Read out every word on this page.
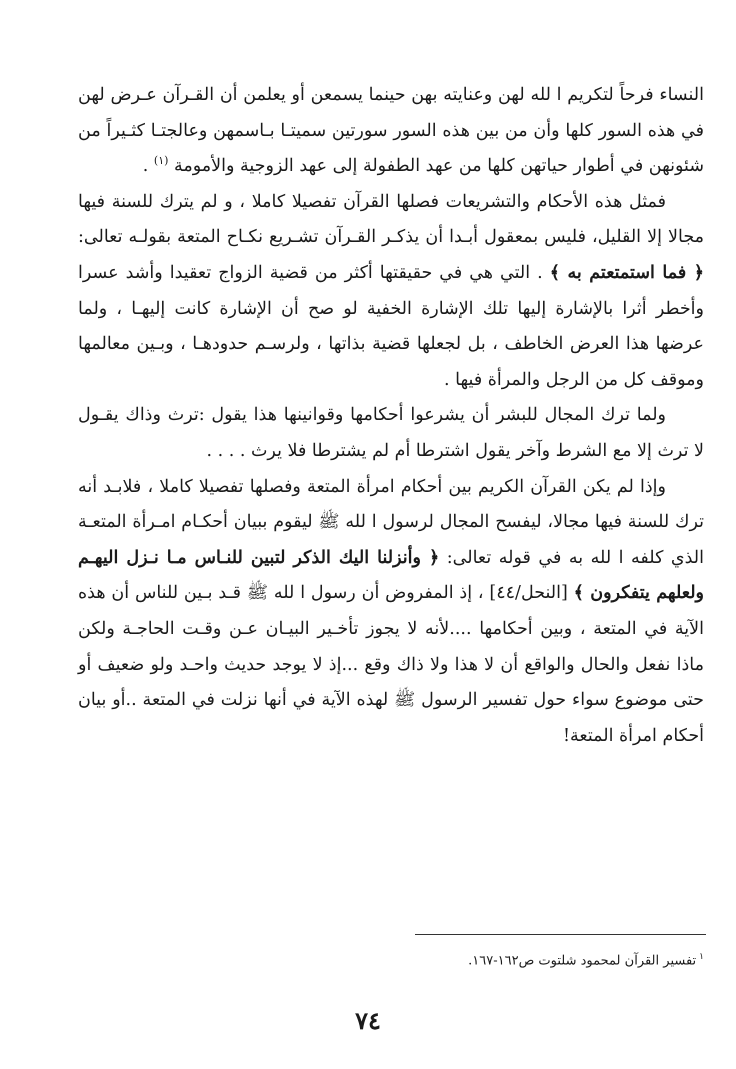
النساء فرحاً لتكريم ا لله لهن وعنايته بهن حينما يسمعن أو يعلمن أن القـرآن عـرض لهن في هذه السور كلها وأن من بين هذه السور سورتين سميتـا بـاسمهن وعالجتـا كثـيراً من شئونهن في أطوار حياتهن كلها من عهد الطفولة إلى عهد الزوجية والأمومة $^{(١)}$ .

فمثل هذه الأحكام والتشريعات فصلها القرآن تفصيلا كاملا ، و لم يترك للسنة فيها مجالا إلا القليل، فليس بمعقول أبـدا أن يذكـر القـرآن تشـريع نكـاح المتعة بقولـه تعالى:﴿ فما استمتعتم به ﴾ . التي هي في حقيقتها أكثر من قضية الزواج تعقيدا وأشد عسرا وأخطر أثرا بالإشارة إليها تلك الإشارة الخفية لو صح أن الإشارة كانت إليهـا ، ولما عرضها هذا العرض الخاطف ، بل لجعلها قضية بذاتها ، ولرسـم حدودهـا ، وبـين معالمها وموقف كل من الرجل والمرأة فيها .

ولما ترك المجال للبشر أن يشرعوا أحكامها وقوانينها هذا يقول :ترث وذاك يقـول لا ترث إلا مع الشرط وآخر يقول اشترطا أم لم يشترطا فلا يرث . . . .

وإذا لم يكن القرآن الكريم بين أحكام امرأة المتعة وفصلها تفصيلا كاملا ، فلابـد أنه ترك للسنة فيها مجالا، ليفسح المجال لرسول ا لله ﷺ ليقوم ببيان أحكـام امـرأة المتعـة الذي كلفه ا لله به في قوله تعالى: ﴿ وأنزلنا اليك الذكر لتبين للنـاس مـا نـزل اليهـم ولعلهم يتفكرون ﴾ [النحل/٤٤] ، إذ المفروض أن رسول ا لله ﷺ قـد بـين للناس أن هذه الآية في المتعة ، وبين أحكامها ....لأنه لا يجوز تأخـير البيـان عـن وقـت الحاجـة ولكن ماذا نفعل والحال والواقع أن لا هذا ولا ذاك وقع ...إذ لا يوجد حديث واحـد ولو ضعيف أو حتى موضوع سواء حول تفسير الرسول ﷺ لهذه الآية في أنها نزلت في المتعة ..أو بيان أحكام امرأة المتعة!

$^١$تفسير القرآن لمحمود شلتوت ص١٦٢-١٦٧.
٧٤
